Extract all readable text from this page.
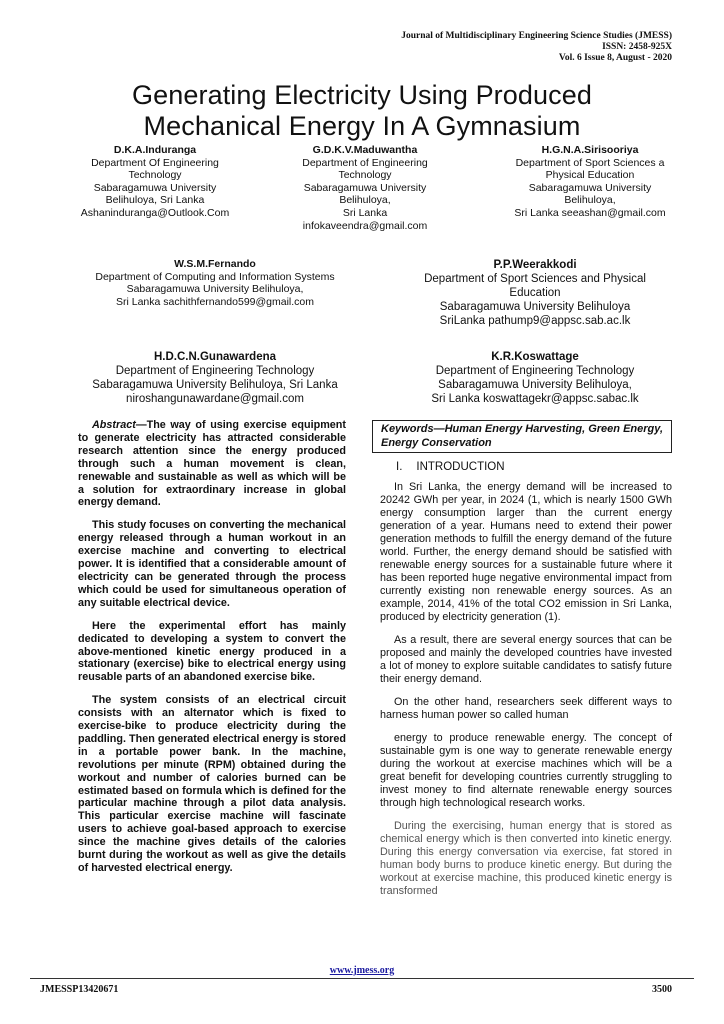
Journal of Multidisciplinary Engineering Science Studies (JMESS)
ISSN: 2458-925X
Vol. 6 Issue 8, August - 2020
Generating Electricity Using Produced
Mechanical Energy In A Gymnasium
D.K.A.Induranga
Department Of Engineering
Technology
Sabaragamuwa University
Belihuloya, Sri Lanka
Ashaninduranga@Outlook.Com
G.D.K.V.Maduwantha
Department of Engineering
Technology
Sabaragamuwa University
Belihuloya,
Sri Lanka
infokaveendra@gmail.com
H.G.N.A.Sirisooriya
Department of Sport Sciences a
Physical Education
Sabaragamuwa University
Belihuloya,
Sri Lanka seeashan@gmail.com
W.S.M.Fernando
Department of Computing and Information Systems
Sabaragamuwa University Belihuloya,
Sri Lanka sachithfernando599@gmail.com
P.P.Weerakkodi
Department of Sport Sciences and Physical
Education
Sabaragamuwa University Belihuloya
SriLanka pathump9@appsc.sab.ac.lk
H.D.C.N.Gunawardena
Department of Engineering Technology
Sabaragamuwa University Belihuloya, Sri Lanka
niroshangunawardane@gmail.com
K.R.Koswattage
Department of Engineering Technology
Sabaragamuwa University Belihuloya,
Sri Lanka koswattagekr@appsc.sabac.lk

Abstract—The way of using exercise equipment to generate electricity has attracted considerable research attention since the energy produced through such a human movement is clean, renewable and sustainable as well as which will be a solution for extraordinary increase in global energy demand.

This study focuses on converting the mechanical energy released through a human workout in an exercise machine and converting to electrical power. It is identified that a considerable amount of electricity can be generated through the process which could be used for simultaneous operation of any suitable electrical device.

Here the experimental effort has mainly dedicated to developing a system to convert the above-mentioned kinetic energy produced in a stationary (exercise) bike to electrical energy using reusable parts of an abandoned exercise bike.

The system consists of an electrical circuit consists with an alternator which is fixed to exercise-bike to produce electricity during the paddling. Then generated electrical energy is stored in a portable power bank. In the machine, revolutions per minute (RPM) obtained during the workout and number of calories burned can be estimated based on formula which is defined for the particular machine through a pilot data analysis. This particular exercise machine will fascinate users to achieve goal-based approach to exercise since the machine gives details of the calories burnt during the workout as well as give the details of harvested electrical energy.

Keywords—Human Energy Harvesting, Green Energy, Energy Conservation
I. INTRODUCTION

In Sri Lanka, the energy demand will be increased to 20242 GWh per year, in 2024 (1, which is nearly 1500 GWh energy consumption larger than the current energy generation of a year. Humans need to extend their power generation methods to fulfill the energy demand of the future world. Further, the energy demand should be satisfied with renewable energy sources for a sustainable future where it has been reported huge negative environmental impact from currently existing non renewable energy sources. As an example, 2014, 41% of the total CO2 emission in Sri Lanka, produced by electricity generation (1).

As a result, there are several energy sources that can be proposed and mainly the developed countries have invested a lot of money to explore suitable candidates to satisfy future their energy demand.

On the other hand, researchers seek different ways to harness human power so called human

energy to produce renewable energy. The concept of sustainable gym is one way to generate renewable energy during the workout at exercise machines which will be a great benefit for developing countries currently struggling to invest money to find alternate renewable energy sources through high technological research works.

During the exercising, human energy that is stored as chemical energy which is then converted into kinetic energy. During this energy conversation via exercise, fat stored in human body burns to produce kinetic energy. But during the workout at exercise machine, this produced kinetic energy is transformed

www.jmess.org
JMESSP13420671	3500
